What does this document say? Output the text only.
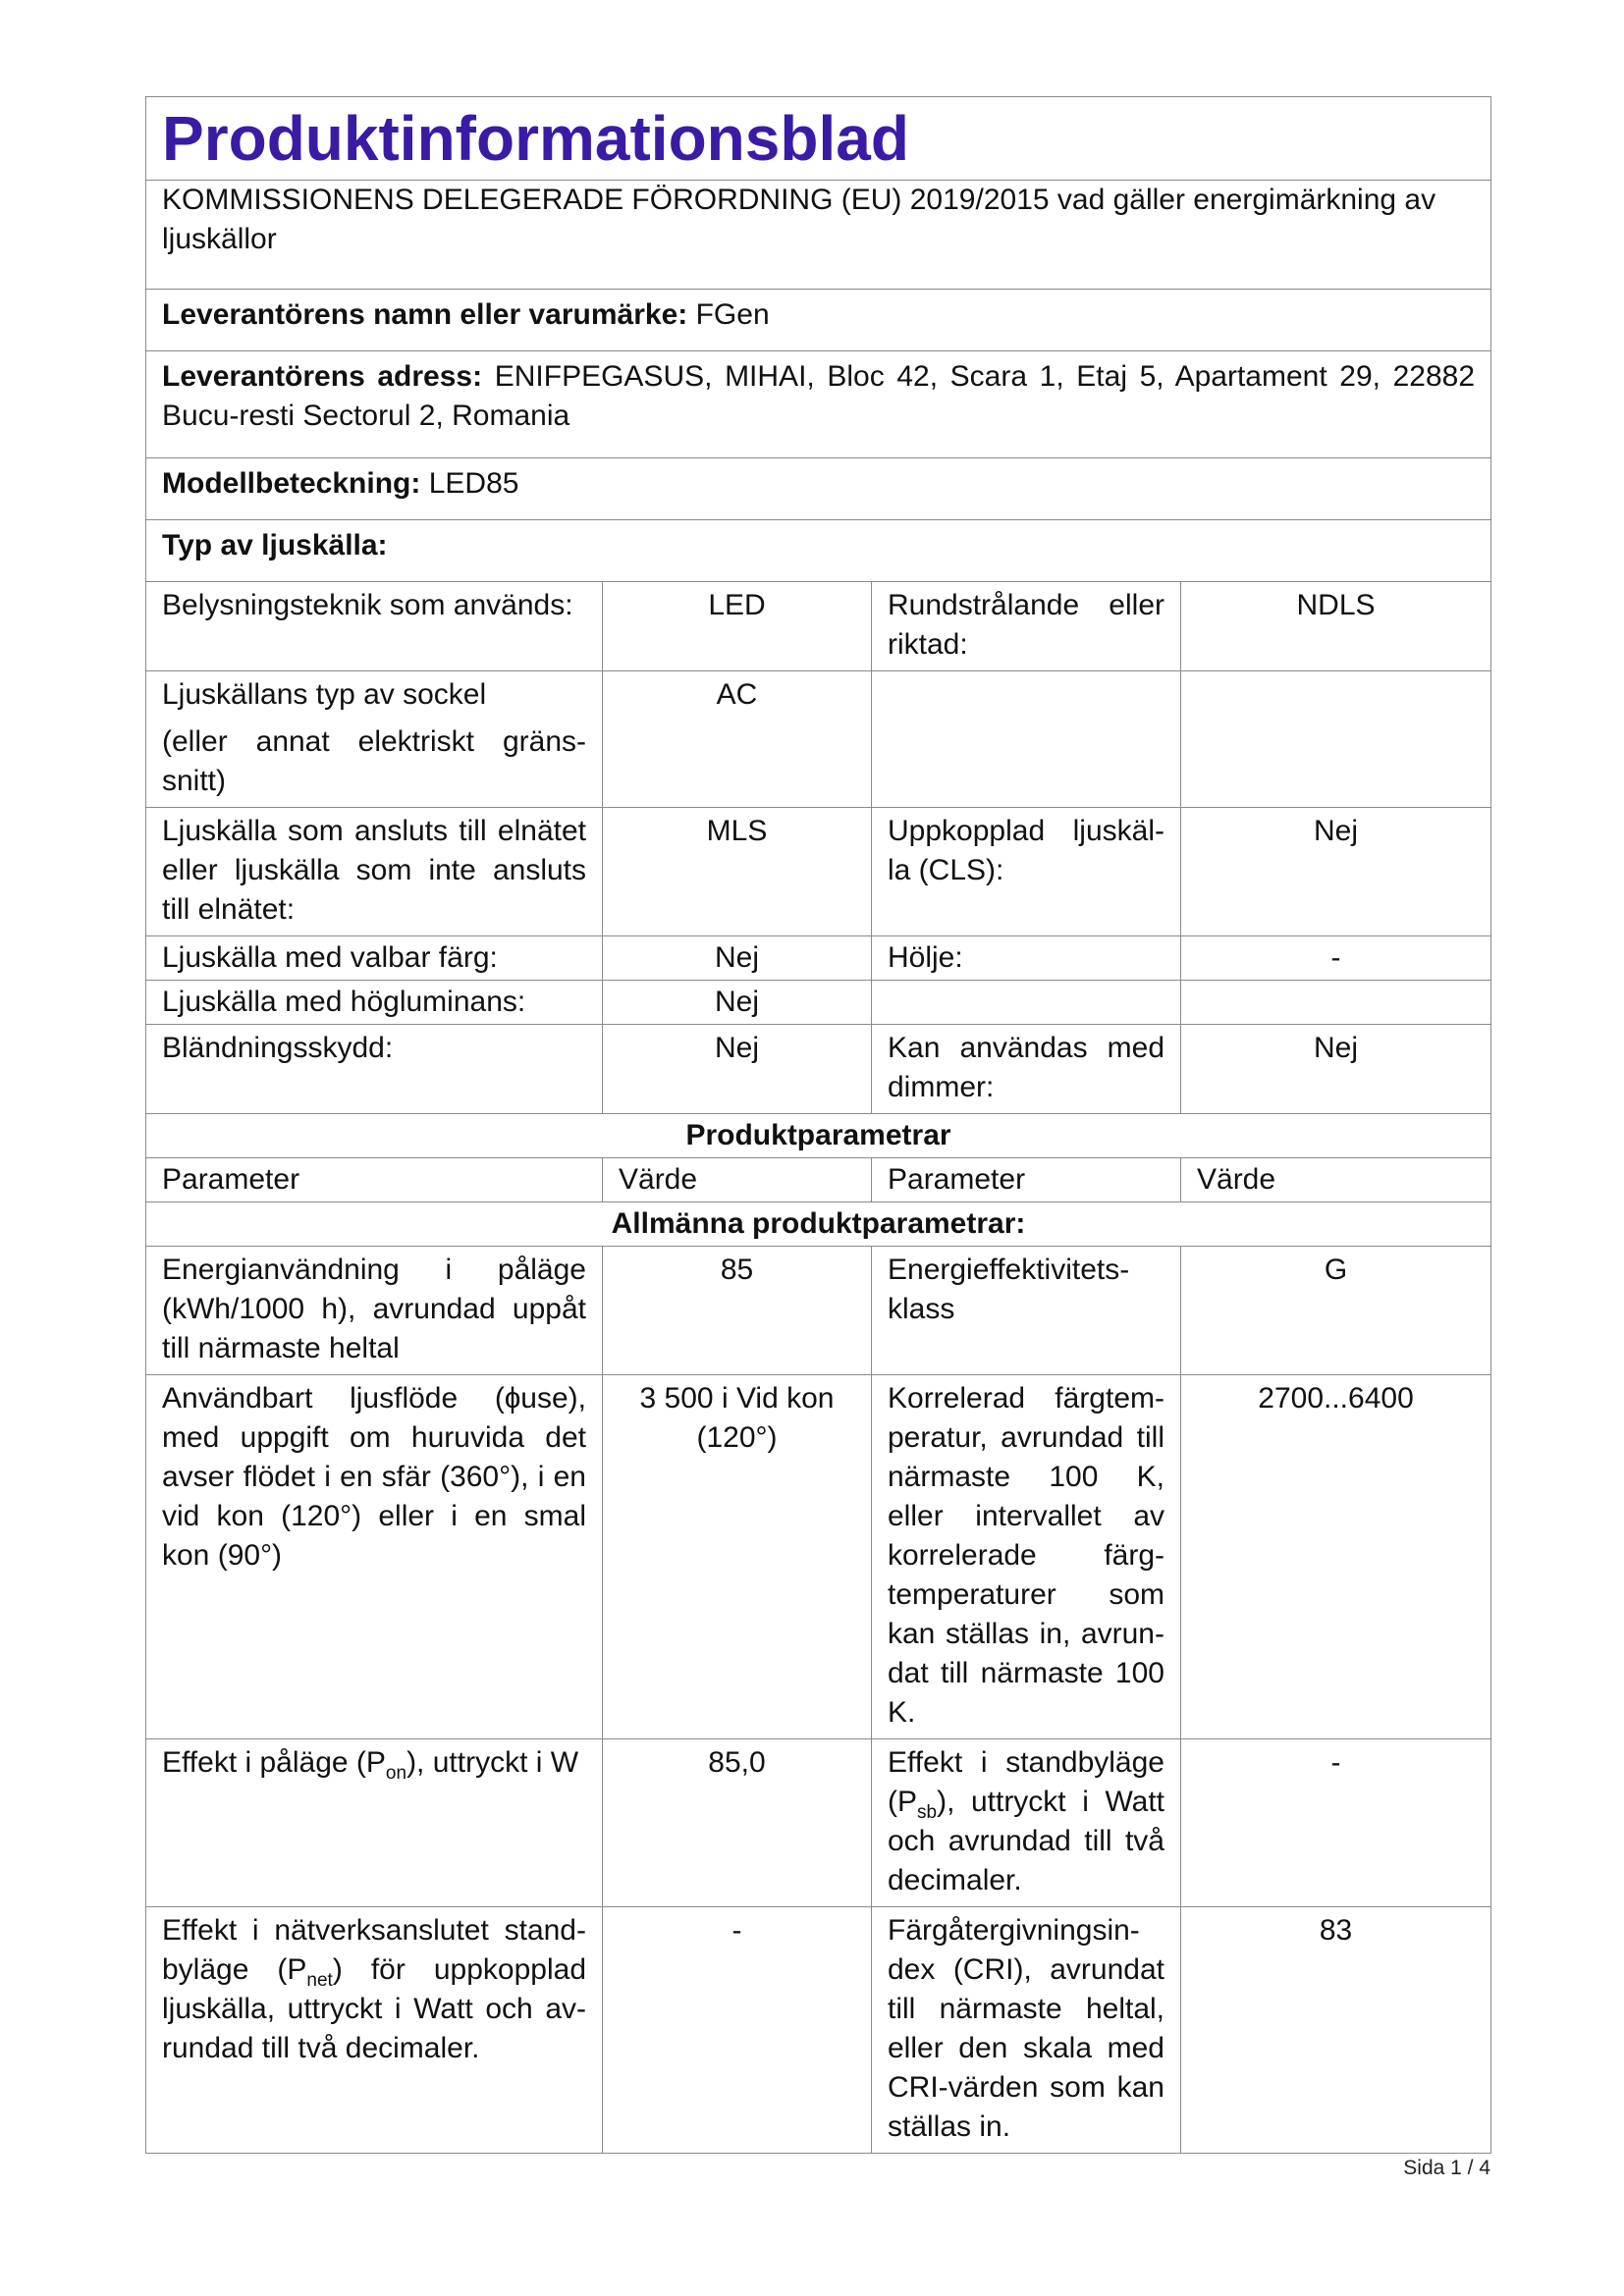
Produktinformationsblad			
KOMMISSIONENS DELEGERADE FÖRORDNING (EU) 2019/2015 vad gäller energimärkning av ljuskällor			
Leverantörens namn eller varumärke: FGen			
Leverantörens adress: ENIFPEGASUS, MIHAI, Bloc 42, Scara 1, Etaj 5, Apartament 29, 22882 Bucu-resti Sectorul 2, Romania			
Modellbeteckning: LED85			
Typ av ljuskälla:			
Belysningsteknik som används:	LED	Rundstrålande eller riktad:	NDLS

Ljuskällans typ av sockel
(eller annat elektriskt gräns-snitt)	AC		
Ljuskälla som ansluts till elnätet eller ljuskälla som inte ansluts till elnätet:	MLS	Uppkopplad ljuskäl-la (CLS):	Nej
Ljuskälla med valbar färg:	Nej	Hölje:	-
Ljuskälla med högluminans:	Nej		
Bländningsskydd:	Nej	Kan användas med dimmer:	Nej
Produktparametrar			
Parameter	Värde	Parameter	Värde
Allmänna produktparametrar:			
Energianvändning i påläge (kWh/1000 h), avrundad uppåt till närmaste heltal	85	Energieffektivitets-klass	G
Användbart ljusflöde (ɸuse), med uppgift om huruvida det avser flödet i en sfär (360°), i en vid kon (120°) eller i en smal kon (90°)	3 500 i Vid kon (120°)	Korrelerad färgtem-peratur, avrundad till närmaste 100 K, eller intervallet av korrelerade färg-temperaturer som kan ställas in, avrun-dat till närmaste 100 K.	2700...6400
Effekt i påläge $(P_{on})$, uttryckt i W	85,0	Effekt i standbyläge $(P_{sb})$, uttryckt i Watt och avrundad till två decimaler.	-
Effekt i nätverksanslutet stand-byläge $(P_{net})$ för uppkopplad ljuskälla, uttryckt i Watt och av-rundad till två decimaler.	-	Färgåtergivningsin-dex (CRI), avrundat till närmaste heltal, eller den skala med CRI-värden som kan ställas in.	83
Sida 1 / 4
